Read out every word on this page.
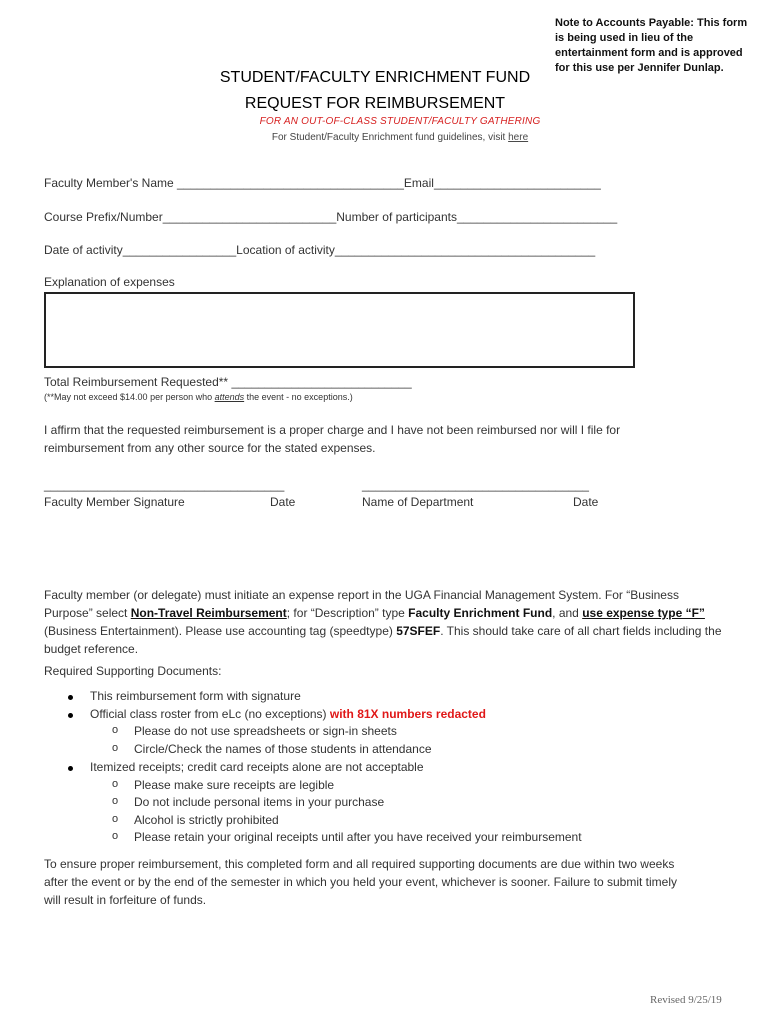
Note to Accounts Payable: This form is being used in lieu of the entertainment form and is approved for this use per Jennifer Dunlap.
STUDENT/FACULTY ENRICHMENT FUND
REQUEST FOR REIMBURSEMENT
FOR AN OUT-OF-CLASS STUDENT/FACULTY GATHERING
For Student/Faculty Enrichment fund guidelines, visit here
Faculty Member's Name __________________________________Email_________________________
Course Prefix/Number__________________________Number of participants________________________
Date of activity_________________Location of activity_______________________________________
Explanation of expenses
Total Reimbursement Requested** ___________________________
(**May not exceed $14.00 per person who attends the event - no exceptions.)
I affirm that the requested reimbursement is a proper charge and I have not been reimbursed nor will I file for reimbursement from any other source for the stated expenses.
____________________________________	__________________________________
Faculty Member Signature	Date	Name of Department	Date
Faculty member (or delegate) must initiate an expense report in the UGA Financial Management System. For “Business Purpose” select Non-Travel Reimbursement; for “Description” type Faculty Enrichment Fund, and use expense type “F” (Business Entertainment). Please use accounting tag (speedtype) 57SFEF. This should take care of all chart fields including the budget reference.
Required Supporting Documents:
This reimbursement form with signature
Official class roster from eLc (no exceptions) with 81X numbers redacted
o Please do not use spreadsheets or sign-in sheets
o Circle/Check the names of those students in attendance
Itemized receipts; credit card receipts alone are not acceptable
o Please make sure receipts are legible
o Do not include personal items in your purchase
o Alcohol is strictly prohibited
o Please retain your original receipts until after you have received your reimbursement
To ensure proper reimbursement, this completed form and all required supporting documents are due within two weeks after the event or by the end of the semester in which you held your event, whichever is sooner. Failure to submit timely will result in forfeiture of funds.
Revised 9/25/19
